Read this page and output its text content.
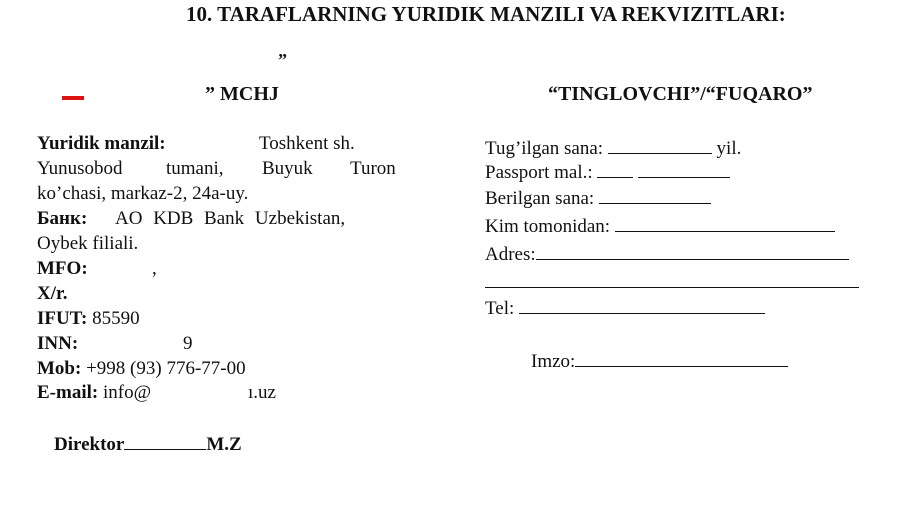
10. TARAFLARNING YURIDIK MANZILI VA REKVIZITLARI:
”
” MCHJ
Yuridik manzil:	Toshkent sh.
Yunusobod tumani, Buyuk Turon
ko’chasi, markaz-2, 24a-uy.
Банк: AO KDB Bank Uzbekistan,
Oybek filiali.
MFO:	,
X/r.
IFUT: 85590
INN:	9
Mob: +998 (93) 776-77-00
E-mail: info@	ı.uz
Direktor	M.Z
“TINGLOVCHI”/“FUQARO”
Tug’ilgan sana:	yil.
Passport mal.:
Berilgan sana:
Kim tomonidan:
Adres:
Tel:
Imzo:
